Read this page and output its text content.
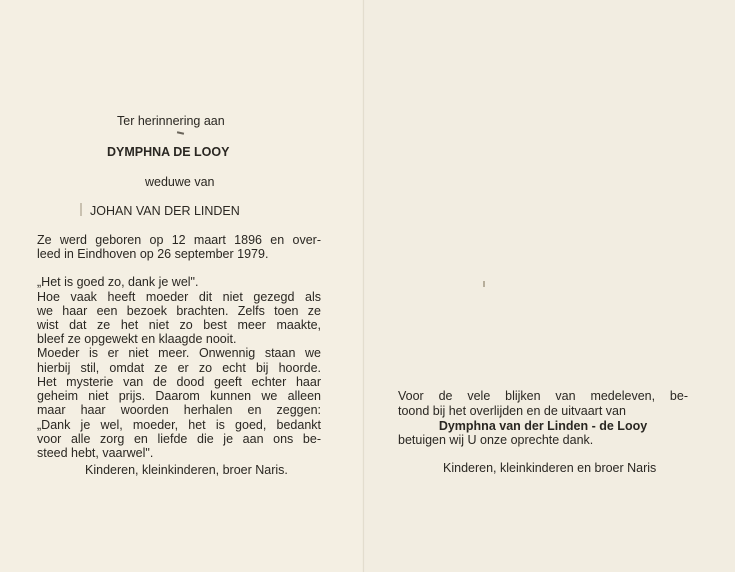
Ter herinnering aan
DYMPHNA DE LOOY
weduwe van
JOHAN VAN DER LINDEN
Ze werd geboren op 12 maart 1896 en over-
leed in Eindhoven op 26 september 1979.
„Het is goed zo, dank je wel".
Hoe vaak heeft moeder dit niet gezegd als
we haar een bezoek brachten. Zelfs toen ze
wist dat ze het niet zo best meer maakte,
bleef ze opgewekt en klaagde nooit.
Moeder is er niet meer. Onwennig staan we
hierbij stil, omdat ze er zo echt bij hoorde.
Het mysterie van de dood geeft echter haar
geheim niet prijs. Daarom kunnen we alleen
maar haar woorden herhalen en zeggen:
„Dank je wel, moeder, het is goed, bedankt
voor alle zorg en liefde die je aan ons be-
steed hebt, vaarwel".
Kinderen, kleinkinderen, broer Naris.
Voor de vele blijken van medeleven, be-
toond bij het overlijden en de uitvaart van
Dymphna van der Linden - de Looy
betuigen wij U onze oprechte dank.
Kinderen, kleinkinderen en broer Naris
